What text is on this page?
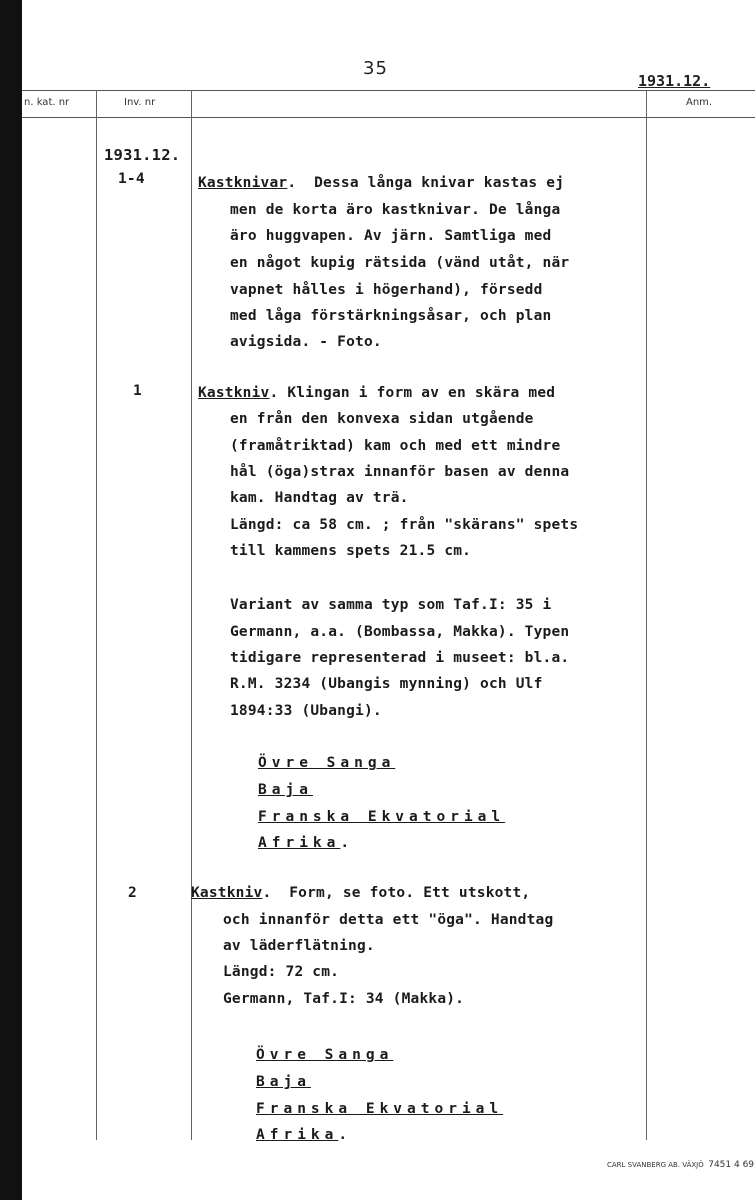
35
1931.12.
n. kat. nr	Inv. nr	Anm.
1931.12.
1-4	Kastknivar.  Dessa långa knivar kastas ej
men de korta äro kastknivar. De långa
äro huggvapen. Av järn. Samtliga med
en något kupig rätsida (vänd utåt, när
vapnet hålles i högerhand), försedd
med låga förstärkningsåsar, och plan
avigsida. - Foto.
1	Kastkniv. Klingan i form av en skära med
en från den konvexa sidan utgående
(framåtriktad) kam och med ett mindre
hål (öga)strax innanför basen av denna
kam. Handtag av trä.
Längd: ca 58 cm. ; från "skärans" spets
till kammens spets 21.5 cm.
Variant av samma typ som Taf.I: 35 i
Germann, a.a. (Bombassa, Makka). Typen
tidigare representerad i museet: bl.a.
R.M. 3234 (Ubangis mynning) och Ulf
1894:33 (Ubangi).
Övre Sanga
Baja
Franska Ekvatorial
Afrika.
2	Kastkniv.  Form, se foto. Ett utskott,
och innanför detta ett "öga". Handtag
av läderflätning.
Längd: 72 cm.
Germann, Taf.I: 34 (Makka).
Övre Sanga
Baja
Franska Ekvatorial
Afrika.
CARL SVANBERG AB. VÄXJÖ 7451 4 69
